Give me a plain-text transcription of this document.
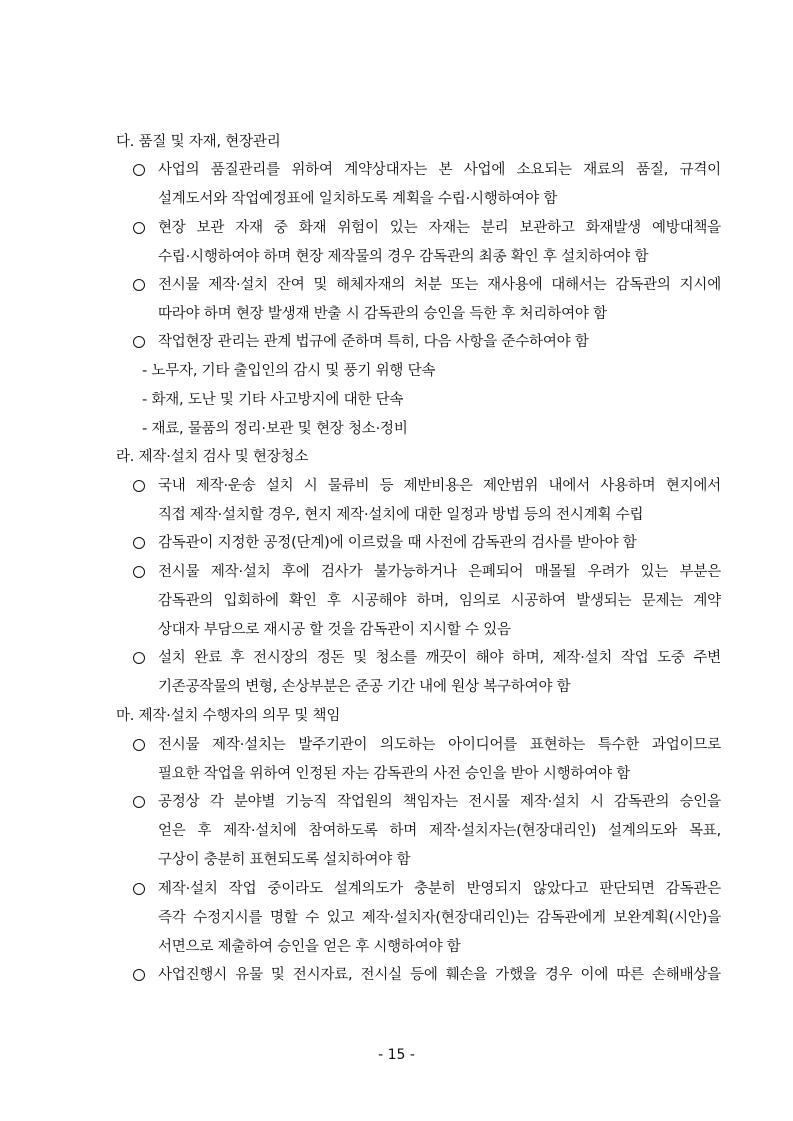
다. 품질 및 자재, 현장관리
사업의 품질관리를 위하여 계약상대자는 본 사업에 소요되는 재료의 품질, 규격이
설계도서와 작업예정표에 일치하도록 계획을 수립·시행하여야 함
현장 보관 자재 중 화재 위험이 있는 자재는 분리 보관하고 화재발생 예방대책을
수립·시행하여야 하며 현장 제작물의 경우 감독관의 최종 확인 후 설치하여야 함
전시물 제작·설치 잔여 및 해체자재의 처분 또는 재사용에 대해서는 감독관의 지시에
따라야 하며 현장 발생재 반출 시 감독관의 승인을 득한 후 처리하여야 함
작업현장 관리는 관계 법규에 준하며 특히, 다음 사항을 준수하여야 함
- 노무자, 기타 출입인의 감시 및 풍기 위행 단속
- 화재, 도난 및 기타 사고방지에 대한 단속
- 재료, 물품의 정리·보관 및 현장 청소·정비
라. 제작·설치 검사 및 현장청소
국내 제작·운송 설치 시 물류비 등 제반비용은 제안범위 내에서 사용하며 현지에서
직접 제작·설치할 경우, 현지 제작·설치에 대한 일정과 방법 등의 전시계획 수립
감독관이 지정한 공정(단계)에 이르렀을 때 사전에 감독관의 검사를 받아야 함
전시물 제작·설치 후에 검사가 불가능하거나 은폐되어 매몰될 우려가 있는 부분은
감독관의 입회하에 확인 후 시공해야 하며, 임의로 시공하여 발생되는 문제는 계약
상대자 부담으로 재시공 할 것을 감독관이 지시할 수 있음
설치 완료 후 전시장의 정돈 및 청소를 깨끗이 해야 하며, 제작·설치 작업 도중 주변
기존공작물의 변형, 손상부분은 준공 기간 내에 원상 복구하여야 함
마. 제작·설치 수행자의 의무 및 책임
전시물 제작·설치는 발주기관이 의도하는 아이디어를 표현하는 특수한 과업이므로
필요한 작업을 위하여 인정된 자는 감독관의 사전 승인을 받아 시행하여야 함
공정상 각 분야별 기능직 작업원의 책임자는 전시물 제작·설치 시 감독관의 승인을
얻은 후 제작·설치에 참여하도록 하며 제작·설치자는(현장대리인) 설계의도와 목표,
구상이 충분히 표현되도록 설치하여야 함
제작·설치 작업 중이라도 설계의도가 충분히 반영되지 않았다고 판단되면 감독관은
즉각 수정지시를 명할 수 있고 제작·설치자(현장대리인)는 감독관에게 보완계획(시안)을
서면으로 제출하여 승인을 얻은 후 시행하여야 함
사업진행시 유물 및 전시자료, 전시실 등에 훼손을 가했을 경우 이에 따른 손해배상을
- 15 -
